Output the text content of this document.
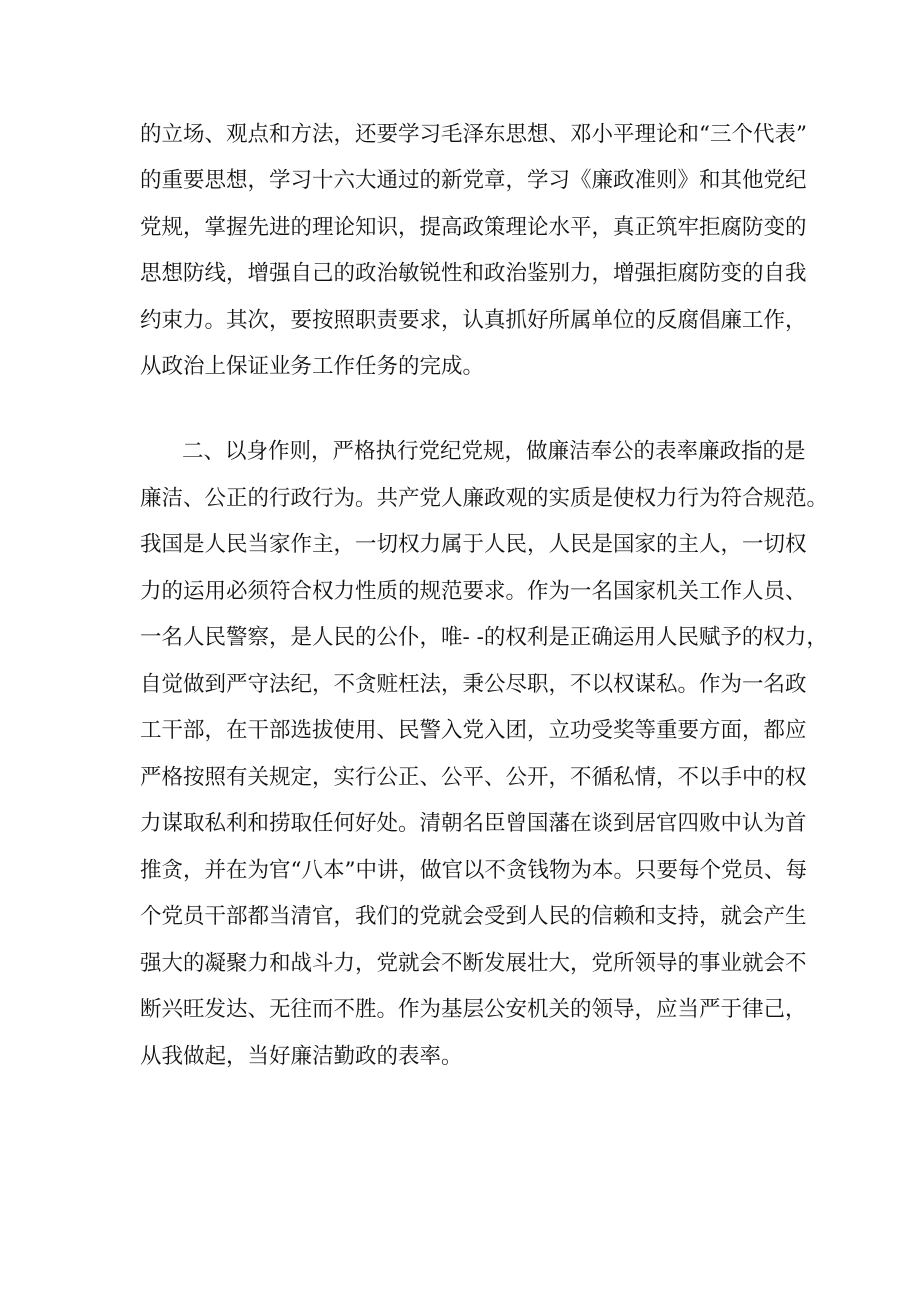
的立场、观点和方法，还要学习毛泽东思想、邓小平理论和“三个代表”
的重要思想，学习十六大通过的新党章，学习《廉政准则》和其他党纪
党规，掌握先进的理论知识，提高政策理论水平，真正筑牢拒腐防变的
思想防线，增强自己的政治敏锐性和政治鉴别力，增强拒腐防变的自我
约束力。其次，要按照职责要求，认真抓好所属单位的反腐倡廉工作，
从政治上保证业务工作任务的完成。
二、以身作则，严格执行党纪党规，做廉洁奉公的表率廉政指的是
廉洁、公正的行政行为。共产党人廉政观的实质是使权力行为符合规范。
我国是人民当家作主，一切权力属于人民，人民是国家的主人，一切权
力的运用必须符合权力性质的规范要求。作为一名国家机关工作人员、
一名人民警察，是人民的公仆，唯- -的权利是正确运用人民赋予的权力，
自觉做到严守法纪，不贪赃枉法，秉公尽职，不以权谋私。作为一名政
工干部，在干部选拔使用、民警入党入团，立功受奖等重要方面，都应
严格按照有关规定，实行公正、公平、公开，不循私情，不以手中的权
力谋取私利和捞取任何好处。清朝名臣曾国藩在谈到居官四败中认为首
推贪，并在为官“八本”中讲，做官以不贪钱物为本。只要每个党员、每
个党员干部都当清官，我们的党就会受到人民的信赖和支持，就会产生
强大的凝聚力和战斗力，党就会不断发展壮大，党所领导的事业就会不
断兴旺发达、无往而不胜。作为基层公安机关的领导，应当严于律己，
从我做起，当好廉洁勤政的表率。
